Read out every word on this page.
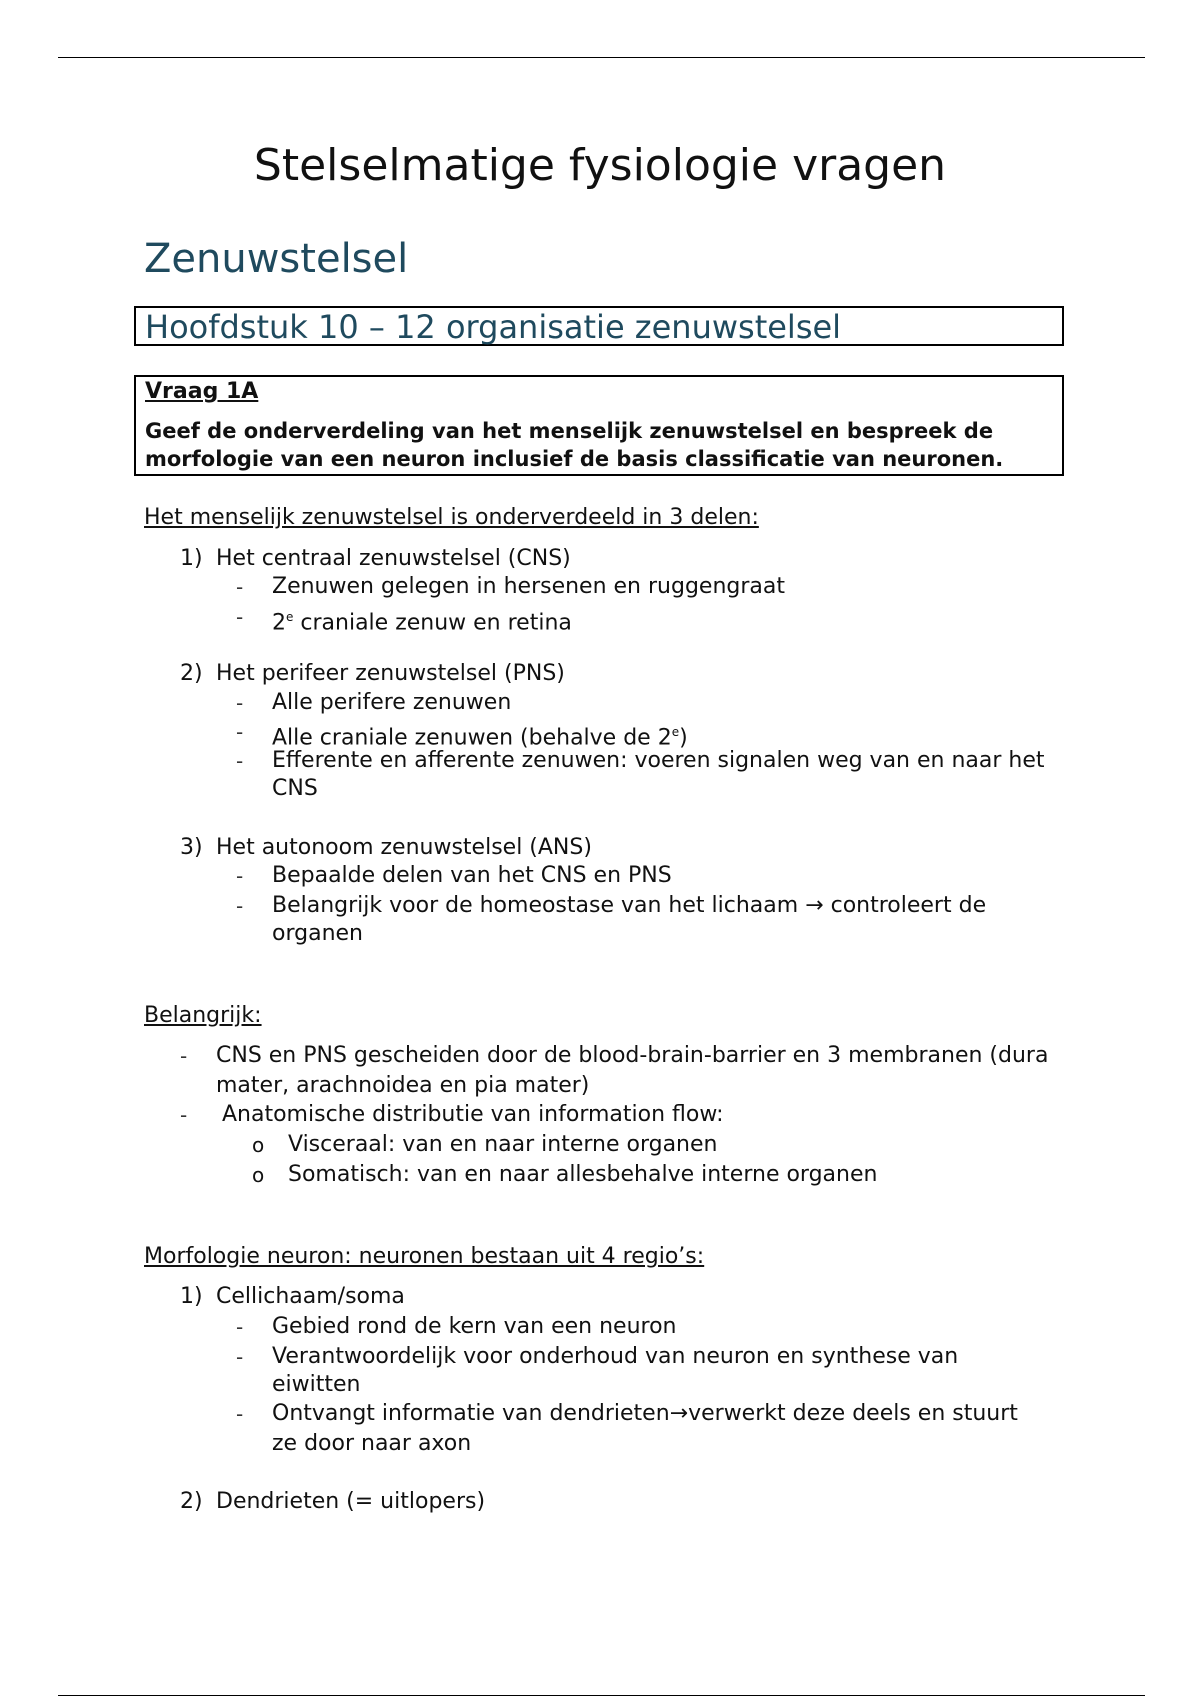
Stelselmatige fysiologie vragen
Zenuwstelsel
Hoofdstuk 10 – 12 organisatie zenuwstelsel
Vraag 1A
Geef de onderverdeling van het menselijk zenuwstelsel en bespreek de morfologie van een neuron inclusief de basis classificatie van neuronen.
Het menselijk zenuwstelsel is onderverdeeld in 3 delen:
1) Het centraal zenuwstelsel (CNS)
- Zenuwen gelegen in hersenen en ruggengraat
- 2e craniale zenuw en retina
2) Het perifeer zenuwstelsel (PNS)
- Alle perifere zenuwen
- Alle craniale zenuwen (behalve de 2e)
- Efferente en afferente zenuwen: voeren signalen weg van en naar het
CNS
3) Het autonoom zenuwstelsel (ANS)
- Bepaalde delen van het CNS en PNS
- Belangrijk voor de homeostase van het lichaam → controleert de
organen
Belangrijk:
- CNS en PNS gescheiden door de blood-brain-barrier en 3 membranen (dura
mater, arachnoidea en pia mater)
- Anatomische distributie van information flow:
o Visceraal: van en naar interne organen
o Somatisch: van en naar allesbehalve interne organen
Morfologie neuron: neuronen bestaan uit 4 regio’s:
1) Cellichaam/soma
- Gebied rond de kern van een neuron
- Verantwoordelijk voor onderhoud van neuron en synthese van
eiwitten
- Ontvangt informatie van dendrieten→verwerkt deze deels en stuurt
ze door naar axon
2) Dendrieten (= uitlopers)
